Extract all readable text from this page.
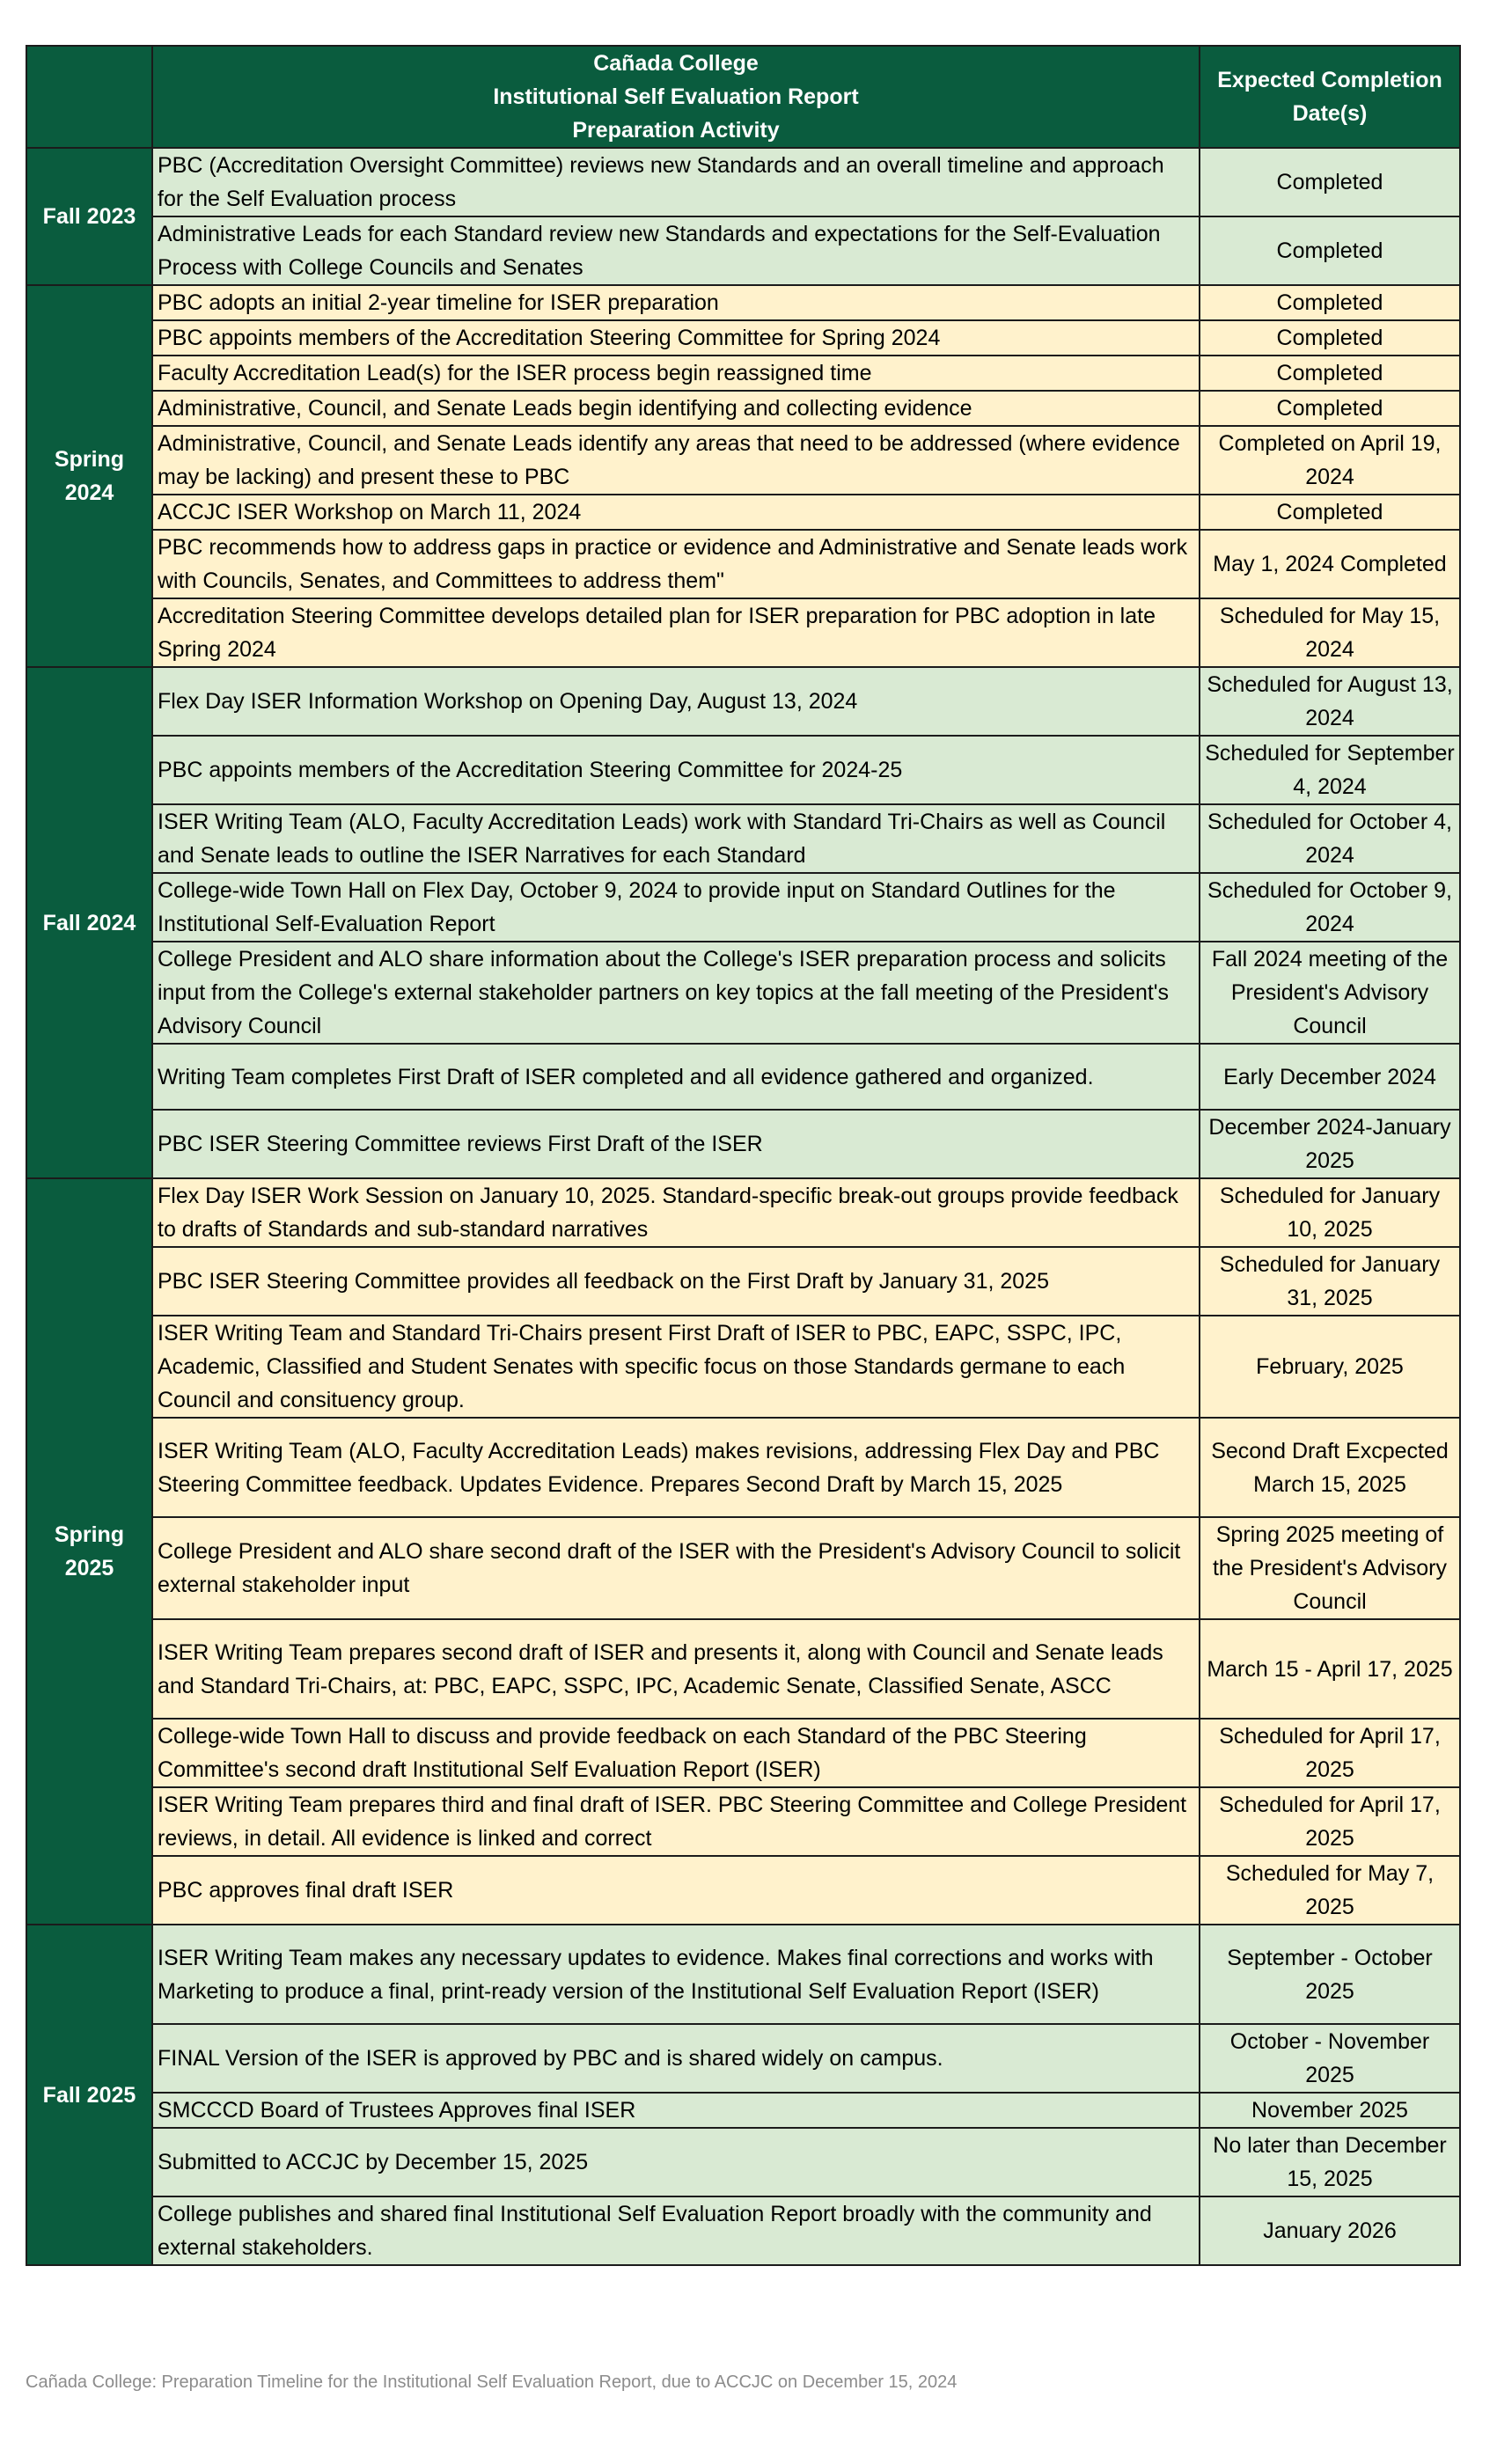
	Cañada College
Institutional Self Evaluation Report
Preparation Activity	Expected Completion Date(s)
Fall 2023	PBC (Accreditation Oversight Committee) reviews new Standards and an overall timeline and approach for the Self Evaluation process	Completed
	Administrative Leads for each Standard review new Standards and expectations for the Self-Evaluation Process with College Councils and Senates	Completed
Spring 2024	PBC adopts an initial 2-year timeline for ISER preparation	Completed
	PBC appoints members of the Accreditation Steering Committee for Spring 2024	Completed
	Faculty Accreditation Lead(s) for the ISER process begin reassigned time	Completed
	Administrative, Council, and Senate Leads begin identifying and collecting evidence	Completed
	Administrative, Council, and Senate Leads identify any areas that need to be addressed (where evidence may be lacking) and present these to PBC	Completed on April 19, 2024
	ACCJC ISER Workshop on March 11, 2024	Completed
	PBC recommends how to address gaps in practice or evidence and Administrative and Senate leads work with Councils, Senates, and Committees to address them"	May 1, 2024 Completed
	Accreditation Steering Committee develops detailed plan for ISER preparation for PBC adoption in late Spring 2024	Scheduled for May 15, 2024
Fall 2024	Flex Day ISER Information Workshop on Opening Day, August 13, 2024	Scheduled for August 13, 2024
	PBC appoints members of the Accreditation Steering Committee for 2024-25	Scheduled for September 4, 2024
	ISER Writing Team (ALO, Faculty Accreditation Leads) work with Standard Tri-Chairs as well as Council and Senate leads to outline the ISER Narratives for each Standard	Scheduled for October 4, 2024
	College-wide Town Hall on Flex Day, October 9, 2024 to provide input on Standard Outlines for the Institutional Self-Evaluation Report	Scheduled for October 9, 2024
	College President and ALO share information about the College's ISER preparation process and solicits input from the College's external stakeholder partners on key topics at the fall meeting of the President's Advisory Council	Fall 2024 meeting of the President's Advisory Council
	Writing Team completes First Draft of ISER completed and all evidence gathered and organized.	Early December 2024
	PBC ISER Steering Committee reviews First Draft of the ISER	December 2024-January 2025
Spring 2025	Flex Day ISER Work Session on January 10, 2025. Standard-specific break-out groups provide feedback to drafts of Standards and sub-standard narratives	Scheduled for January 10, 2025
	PBC ISER Steering Committee provides all feedback on the First Draft by January 31, 2025	Scheduled for January 31, 2025
	ISER Writing Team and Standard Tri-Chairs present First Draft of ISER to PBC, EAPC, SSPC, IPC, Academic, Classified and Student Senates with specific focus on those Standards germane to each Council and consituency group.	February, 2025
	ISER Writing Team (ALO, Faculty Accreditation Leads) makes revisions, addressing Flex Day and PBC Steering Committee feedback. Updates Evidence. Prepares Second Draft by March 15, 2025	Second Draft Excpected March 15, 2025
	College President and ALO share second draft of the ISER with the President's Advisory Council to solicit external stakeholder input	Spring 2025 meeting of the President's Advisory Council
	ISER Writing Team prepares second draft of ISER and presents it, along with Council and Senate leads and Standard Tri-Chairs, at: PBC, EAPC, SSPC, IPC, Academic Senate, Classified Senate, ASCC	March 15 - April 17, 2025
	College-wide Town Hall to discuss and provide feedback on each Standard of the PBC Steering Committee's second draft Institutional Self Evaluation Report (ISER)	Scheduled for April 17, 2025
	ISER Writing Team prepares third and final draft of ISER. PBC Steering Committee and College President reviews, in detail. All evidence is linked and correct	Scheduled for April 17, 2025
	PBC approves final draft ISER	Scheduled for May 7, 2025
Fall 2025	ISER Writing Team makes any necessary updates to evidence. Makes final corrections and works with Marketing to produce a final, print-ready version of the Institutional Self Evaluation Report (ISER)	September - October 2025
	FINAL Version of the ISER is approved by PBC and is shared widely on campus.	October - November 2025
	SMCCCD Board of Trustees Approves final ISER	November 2025
	Submitted to ACCJC by December 15, 2025	No later than December 15, 2025
	College publishes and shared final Institutional Self Evaluation Report broadly with the community and external stakeholders.	January 2026
Cañada College: Preparation Timeline for the Institutional Self Evaluation Report, due to ACCJC on December 15, 2024
